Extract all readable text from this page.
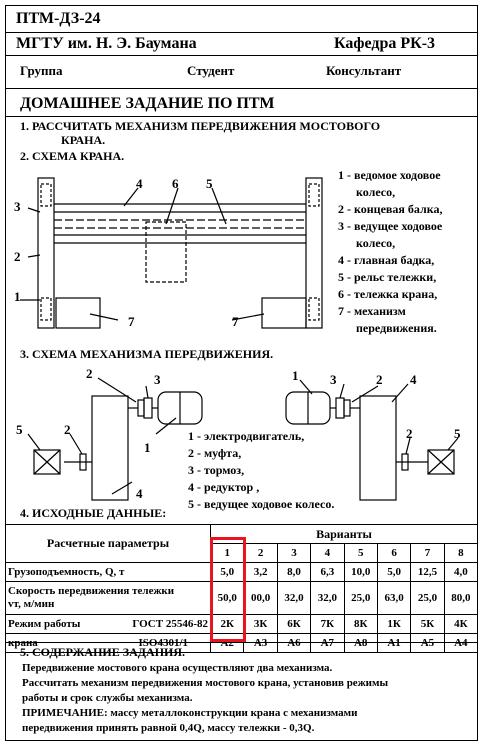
ПТМ-ДЗ-24
МГТУ им. Н. Э. Баумана	Кафедра РК-3
Группа	Студент	Консультант
ДОМАШНЕЕ ЗАДАНИЕ ПО ПТМ
1. РАССЧИТАТЬ МЕХАНИЗМ ПЕРЕДВИЖЕНИЯ МОСТОВОГО
КРАНА.
2. СХЕМА КРАНА.
1
2
3
4	5
6
7	7
1 - ведомое ходовое
колесо,
2 - концевая балка,
3 - ведущее ходовое
колесо,
4 - главная бадка,
5 - рельс тележки,
6 - тележка крана,
7 - механизм
передвижения.
3. СХЕМА МЕХАНИЗМА ПЕРЕДВИЖЕНИЯ.
2	3
1
5	2
4
1 3	2 4
2	5
1 - электродвигатель,
2 - муфта,
3 - тормоз,
4 - редуктор ,
5 - ведущее ходовое колесо.
4. ИСХОДНЫЕ ДАННЫЕ:
Расчетные параметры	Варианты							
	1	2	3	4	5	6	7	8
Грузоподъемность, Q, т	5,0	3,2	8,0	6,3	10,0	5,0	12,5	4,0

Скорость передвижения тележки
vт, м/мин	50,0	00,0	32,0	32,0	25,0	63,0	25,0	80,0
Режим работы ГОСТ 25546-82	2К	3К	6К	7К	8К	1К	5К	4К
крана ISO4301/1	А2	А3	А6	А7	А8	А1	А5	А4
5. СОДЕРЖАНИЕ ЗАДАНИЯ.
Передвижение мостового крана осуществляют два механизма.
Рассчитать механизм передвижения мостового крана, установив режимы
работы и срок службы механизма.
ПРИМЕЧАНИЕ: массу металлоконструкции крана с механизмами
передвижения принять равной 0,4Q, массу тележки - 0,3Q.
